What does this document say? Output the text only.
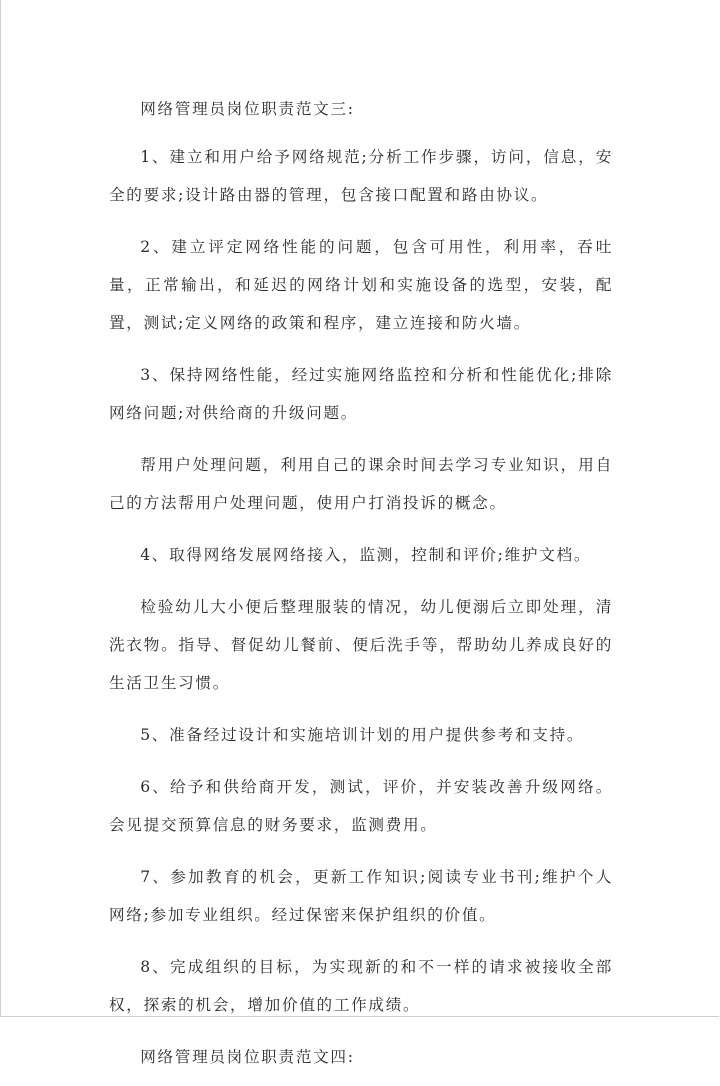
网络管理员岗位职责范文三:

1、建立和用户给予网络规范;分析工作步骤，访问，信息，安全的要求;设计路由器的管理，包含接口配置和路由协议。

2、建立评定网络性能的问题，包含可用性，利用率，吞吐量，正常输出，和延迟的网络计划和实施设备的选型，安装，配置，测试;定义网络的政策和程序，建立连接和防火墙。

3、保持网络性能，经过实施网络监控和分析和性能优化;排除网络问题;对供给商的升级问题。

帮用户处理问题，利用自己的课余时间去学习专业知识，用自己的方法帮用户处理问题，使用户打消投诉的概念。

4、取得网络发展网络接入，监测，控制和评价;维护文档。

检验幼儿大小便后整理服装的情况，幼儿便溺后立即处理，清洗衣物。指导、督促幼儿餐前、便后洗手等，帮助幼儿养成良好的生活卫生习惯。

5、准备经过设计和实施培训计划的用户提供参考和支持。

6、给予和供给商开发，测试，评价，并安装改善升级网络。会见提交预算信息的财务要求，监测费用。

7、参加教育的机会，更新工作知识;阅读专业书刊;维护个人网络;参加专业组织。经过保密来保护组织的价值。

8、完成组织的目标，为实现新的和不一样的请求被接收全部权，探索的机会，增加价值的工作成绩。

网络管理员岗位职责范文四:
